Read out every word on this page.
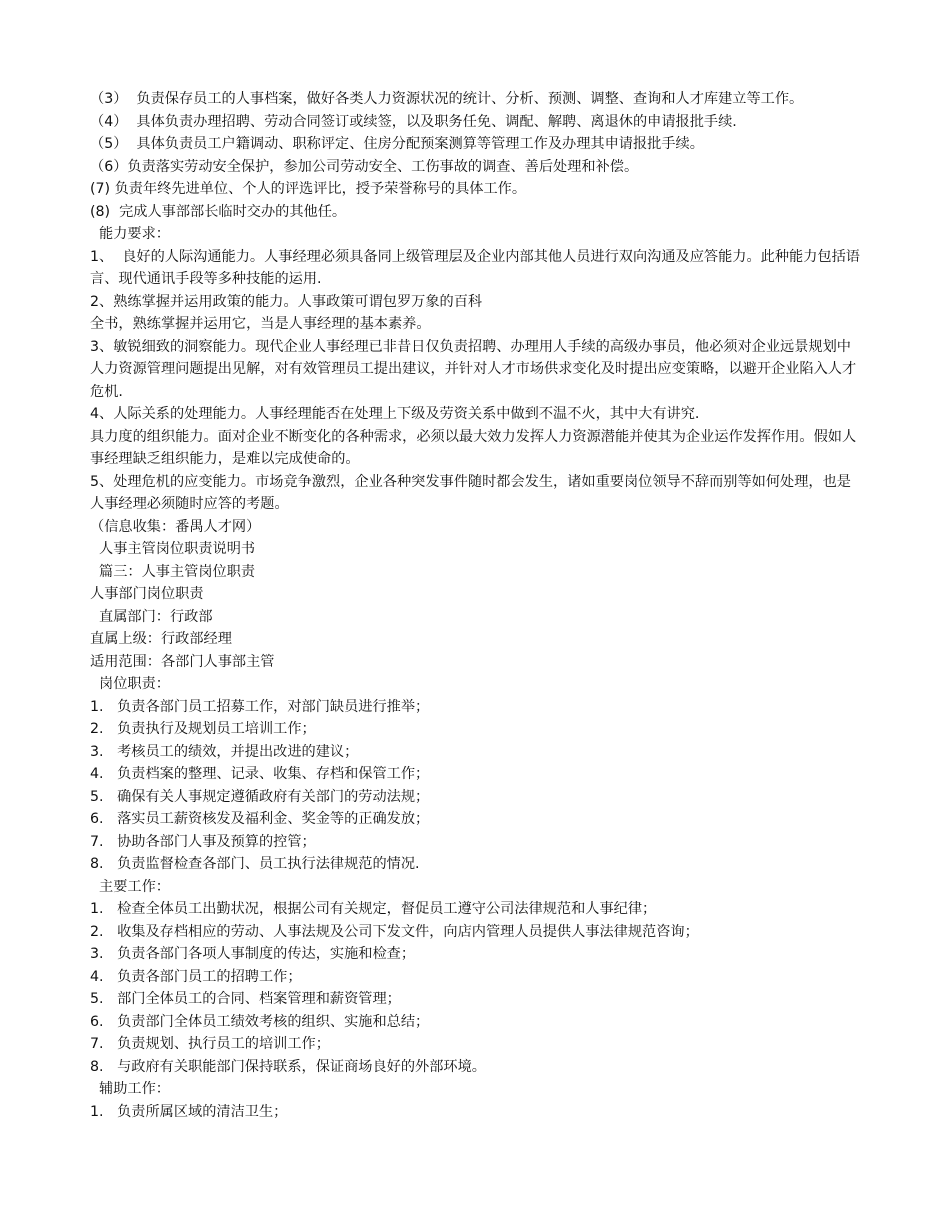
（3）  负责保存员工的人事档案，做好各类人力资源状况的统计、分析、预测、调整、查询和人才库建立等工作。
（4）  具体负责办理招聘、劳动合同签订或续签，以及职务任免、调配、解聘、离退休的申请报批手续.
（5）  具体负责员工户籍调动、职称评定、住房分配预案测算等管理工作及办理其申请报批手续。
（6）负责落实劳动安全保护，参加公司劳动安全、工伤事故的调查、善后处理和补偿。
(7) 负责年终先进单位、个人的评选评比，授予荣誉称号的具体工作。
(8)  完成人事部部长临时交办的其他任。
能力要求：
1、  良好的人际沟通能力。人事经理必须具备同上级管理层及企业内部其他人员进行双向沟通及应答能力。此种能力包括语言、现代通讯手段等多种技能的运用.
2、熟练掌握并运用政策的能力。人事政策可谓包罗万象的百科
全书，熟练掌握并运用它，当是人事经理的基本素养。
3、敏锐细致的洞察能力。现代企业人事经理已非昔日仅负责招聘、办理用人手续的高级办事员，他必须对企业远景规划中人力资源管理问题提出见解，对有效管理员工提出建议，并针对人才市场供求变化及时提出应变策略，以避开企业陷入人才危机.
4、人际关系的处理能力。人事经理能否在处理上下级及劳资关系中做到不温不火，其中大有讲究.
具力度的组织能力。面对企业不断变化的各种需求，必须以最大效力发挥人力资源潜能并使其为企业运作发挥作用。假如人事经理缺乏组织能力，是难以完成使命的。
5、处理危机的应变能力。市场竞争激烈，企业各种突发事件随时都会发生，诸如重要岗位领导不辞而别等如何处理，也是人事经理必须随时应答的考题。
（信息收集：番禺人才网）
人事主管岗位职责说明书
篇三：人事主管岗位职责
人事部门岗位职责
直属部门：行政部
直属上级：行政部经理
适用范围：各部门人事部主管
岗位职责：
1.   负责各部门员工招募工作，对部门缺员进行推举；
2.   负责执行及规划员工培训工作；
3.   考核员工的绩效，并提出改进的建议；
4.   负责档案的整理、记录、收集、存档和保管工作；
5.   确保有关人事规定遵循政府有关部门的劳动法规；
6.   落实员工薪资核发及福利金、奖金等的正确发放；
7.   协助各部门人事及预算的控管；
8.   负责监督检查各部门、员工执行法律规范的情况.
主要工作：
1.   检查全体员工出勤状况，根据公司有关规定，督促员工遵守公司法律规范和人事纪律；
2.   收集及存档相应的劳动、人事法规及公司下发文件，向店内管理人员提供人事法律规范咨询；
3.   负责各部门各项人事制度的传达，实施和检查；
4.   负责各部门员工的招聘工作；
5.   部门全体员工的合同、档案管理和薪资管理；
6.   负责部门全体员工绩效考核的组织、实施和总结；
7.   负责规划、执行员工的培训工作；
8.   与政府有关职能部门保持联系，保证商场良好的外部环境。
辅助工作：
1.   负责所属区域的清洁卫生；
